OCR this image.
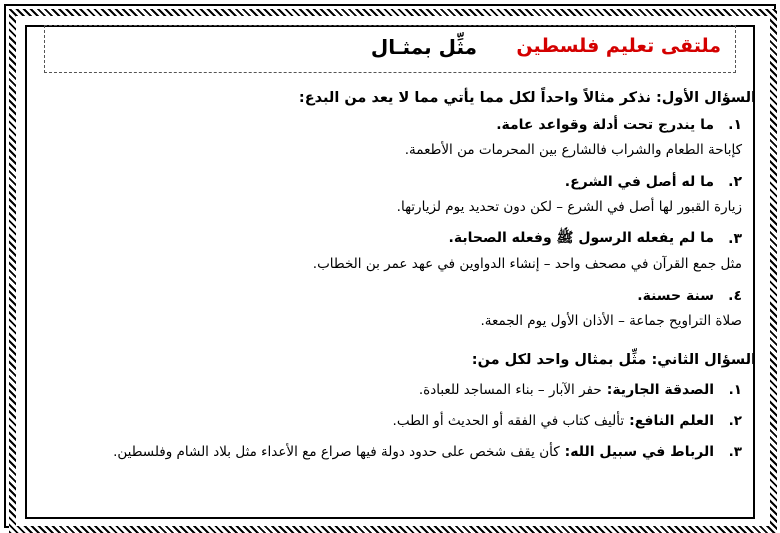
ملتقى تعليم فلسطين
مثِّل بمثـال
السؤال الأول: نذكر مثالاً واحداً لكل مما يأتي مما لا يعد من البدع:
١.
ما يندرج تحت أدلة وقواعد عامة.
كإباحة الطعام والشراب فالشارع بين المحرمات من الأطعمة.
٢.
ما له أصل في الشرع.
زيارة القبور لها أصل في الشرع – لكن دون تحديد يوم لزيارتها.
٣.
ما لم يفعله الرسول ﷺ وفعله الصحابة.
مثل جمع القرآن في مصحف واحد – إنشاء الدواوين في عهد عمر بن الخطاب.
٤.
سنة حسنة.
صلاة التراويح جماعة – الأذان الأول يوم الجمعة.
السؤال الثاني: مثِّل بمثال واحد لكل من:
١.
الصدقة الجارية:
حفر الآبار – بناء المساجد للعبادة.
٢.
العلم النافع:
تأليف كتاب في الفقه أو الحديث أو الطب.
٣.
الرباط في سبيل الله:
كأن يقف شخص على حدود دولة فيها صراع مع الأعداء مثل بلاد الشام وفلسطين.
